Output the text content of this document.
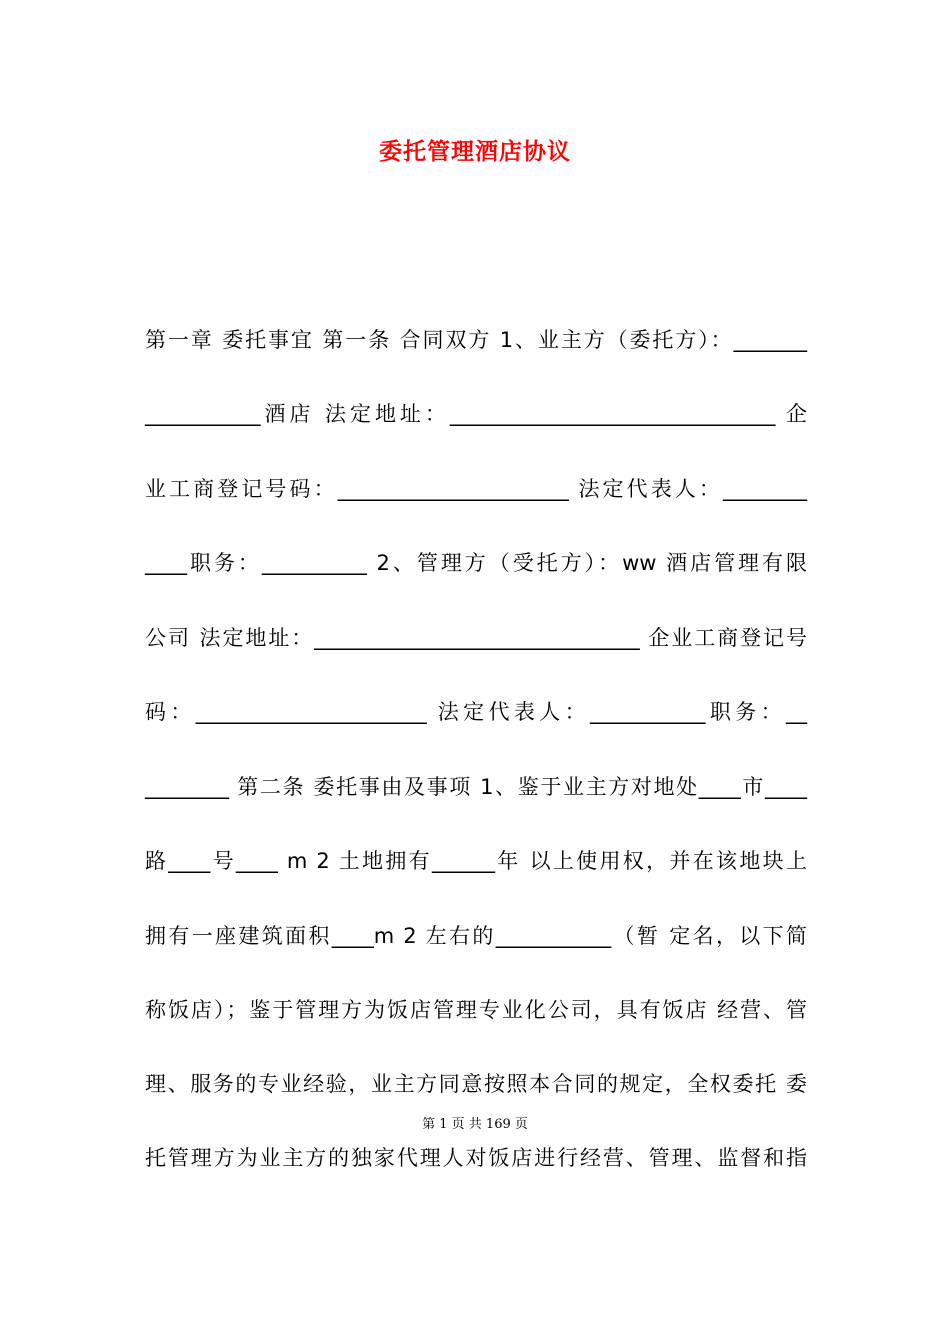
委托管理酒店协议
第一章 委托事宜 第一条 合同双方 1、业主方（委托方）：_______
___________酒店 法定地址：_______________________________ 企
业工商登记号码：______________________ 法定代表人：________
____职务：__________ 2、管理方（受托方）：ww 酒店管理有限
公司 法定地址：_______________________________ 企业工商登记号
码：______________________ 法定代表人：___________职务：__
________ 第二条 委托事由及事项 1、鉴于业主方对地处____市____
路____号____ m 2 土地拥有______年 以上使用权，并在该地块上
拥有一座建筑面积____m 2 左右的___________（暂 定名，以下简
称饭店）；鉴于管理方为饭店管理专业化公司，具有饭店 经营、管
理、服务的专业经验，业主方同意按照本合同的规定，全权委托 委
第 1 页 共 169 页
托管理方为业主方的独家代理人对饭店进行经营、管理、监督和指
